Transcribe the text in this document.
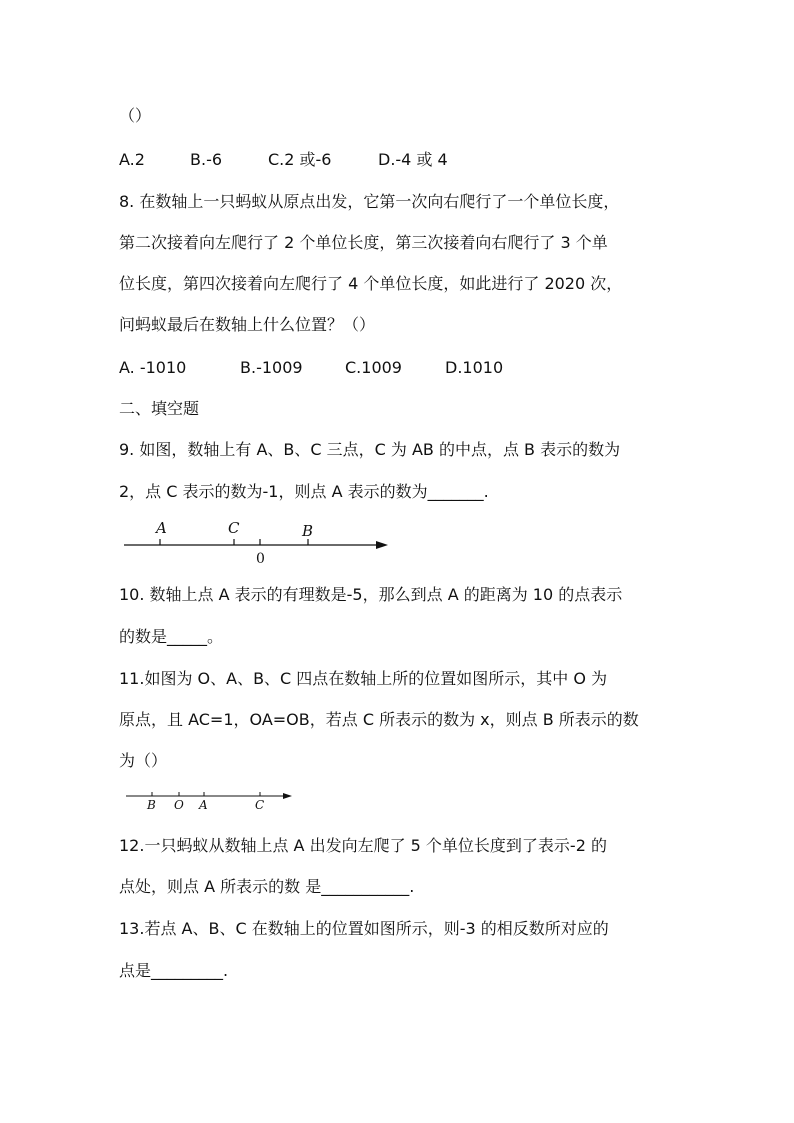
（）
A.2	B.-6	C.2 或-6	D.-4 或 4
8. 在数轴上一只蚂蚁从原点出发，它第一次向右爬行了一个单位长度，
第二次接着向左爬行了 2 个单位长度，第三次接着向右爬行了 3 个单
位长度，第四次接着向左爬行了 4 个单位长度，如此进行了 2020 次，
问蚂蚁最后在数轴上什么位置？（）
A. -1010	B.-1009	C.1009	D.1010
二、填空题
9. 如图，数轴上有 A、B、C 三点，C 为 AB 的中点，点 B 表示的数为
2，点 C 表示的数为-1，则点 A 表示的数为_______.
A	C	B
0
10. 数轴上点 A 表示的有理数是-5，那么到点 A 的距离为 10 的点表示
的数是_____。
11.如图为 O、A、B、C 四点在数轴上所的位置如图所示，其中 O 为
原点，且 AC=1，OA=OB，若点 C 所表示的数为 x，则点 B 所表示的数
为（）
B O A	C
12.一只蚂蚁从数轴上点 A 出发向左爬了 5 个单位长度到了表示-2 的
点处，则点 A 所表示的数 是___________.
13.若点 A、B、C 在数轴上的位置如图所示，则-3 的相反数所对应的
点是_________.
